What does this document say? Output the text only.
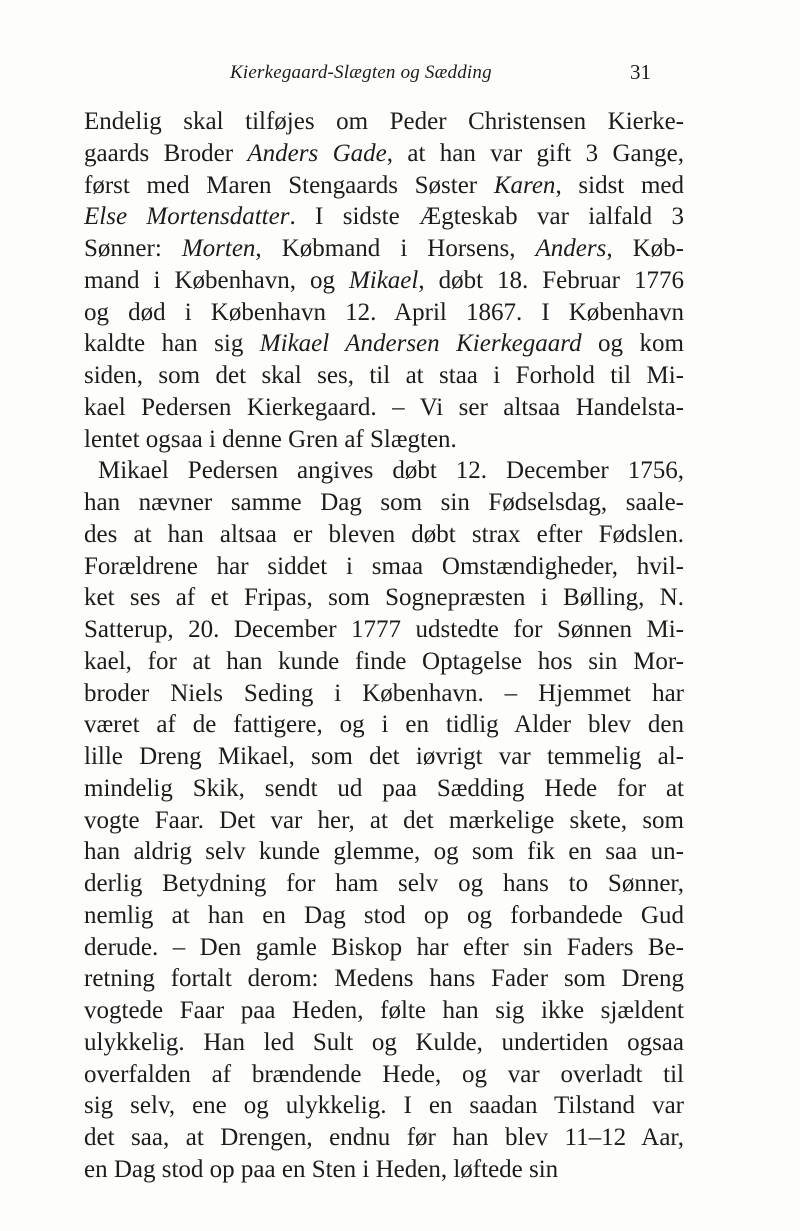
Kierkegaard-Slægten og Sædding	31
Endelig skal tilføjes om Peder Christensen Kierke-
gaards Broder Anders Gade, at han var gift 3 Gange,
først med Maren Stengaards Søster Karen, sidst med
Else Mortensdatter. I sidste Ægteskab var ialfald 3
Sønner: Morten, Købmand i Horsens, Anders, Køb-
mand i København, og Mikael, døbt 18. Februar 1776
og død i København 12. April 1867. I København
kaldte han sig Mikael Andersen Kierkegaard og kom
siden, som det skal ses, til at staa i Forhold til Mi-
kael Pedersen Kierkegaard. – Vi ser altsaa Handelsta-
lentet ogsaa i denne Gren af Slægten.
Mikael Pedersen angives døbt 12. December 1756,
han nævner samme Dag som sin Fødselsdag, saale-
des at han altsaa er bleven døbt strax efter Fødslen.
Forældrene har siddet i smaa Omstændigheder, hvil-
ket ses af et Fripas, som Sognepræsten i Bølling, N.
Satterup, 20. December 1777 udstedte for Sønnen Mi-
kael, for at han kunde finde Optagelse hos sin Mor-
broder Niels Seding i København. – Hjemmet har
været af de fattigere, og i en tidlig Alder blev den
lille Dreng Mikael, som det iøvrigt var temmelig al-
mindelig Skik, sendt ud paa Sædding Hede for at
vogte Faar. Det var her, at det mærkelige skete, som
han aldrig selv kunde glemme, og som fik en saa un-
derlig Betydning for ham selv og hans to Sønner,
nemlig at han en Dag stod op og forbandede Gud
derude. – Den gamle Biskop har efter sin Faders Be-
retning fortalt derom: Medens hans Fader som Dreng
vogtede Faar paa Heden, følte han sig ikke sjældent
ulykkelig. Han led Sult og Kulde, undertiden ogsaa
overfalden af brændende Hede, og var overladt til
sig selv, ene og ulykkelig. I en saadan Tilstand var
det saa, at Drengen, endnu før han blev 11–12 Aar,
en Dag stod op paa en Sten i Heden, løftede sin
